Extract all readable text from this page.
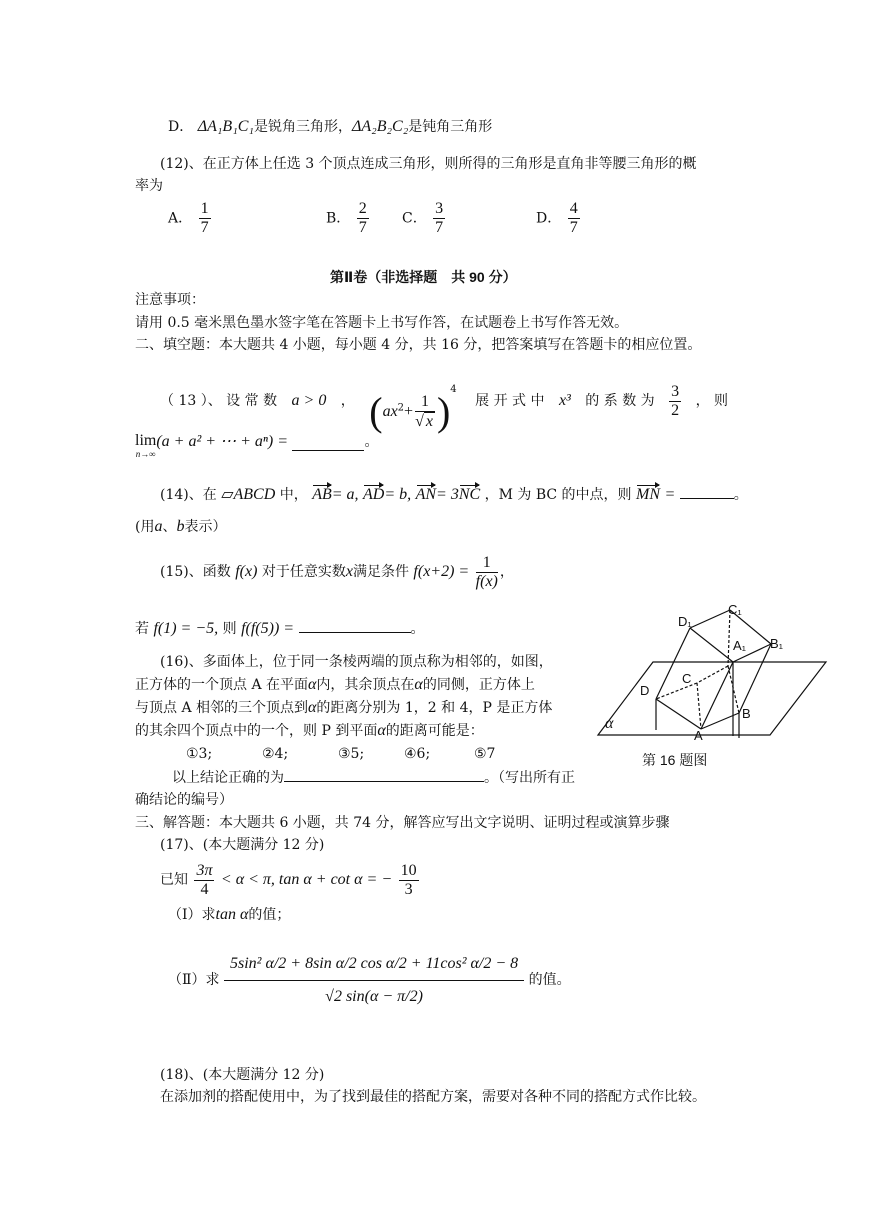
D． ΔA₁B₁C₁是锐角三角形，ΔA₂B₂C₂是钝角三角形
(12)、在正方体上任选 3 个顶点连成三角形，则所得的三角形是直角非等腰三角形的概
率为
A． $\frac{1}{7}$	B． $\frac{2}{7}$ C． $\frac{3}{7}$	D． $\frac{4}{7}$
第Ⅱ卷（非选择题　共 90 分）
注意事项：
请用 0.5 毫米黑色墨水签字笔在答题卡上书写作答，在试题卷上书写作答无效。
二、填空题：本大题共 4 小题，每小题 4 分，共 16 分，把答案填写在答题卡的相应位置。
（ 13 ）、 设 常 数 a > 0 ， $(ax^2+ \frac{1}{√ x} )^4$ 展 开 式 中 x³ 的 系 数 为 $\frac{3}{2}$ ， 则
lim
n→∞
(a + a² + ⋯ + aⁿ) =	。
(14)、在 ▱ABCD 中， AB= a, AD= b, AN= 3NC ，M 为 BC 的中点，则 MN =	。
(用a、b表示）
(15)、函数 f(x) 对于任意实数x满足条件 $f(x+2) = \frac{1}{f(x)}$ ，
若 f(1) = −5, 则 f(f(5)) =	。
(16)、多面体上，位于同一条棱两端的顶点称为相邻的，如图，
正方体的一个顶点 A 在平面α内，其余顶点在α的同侧，正方体上
与顶点 A 相邻的三个顶点到α的距离分别为 1，2 和 4，P 是正方体
的其余四个顶点中的一个，则 P 到平面α的距离可能是：
①3;	②4;	③5;	④6;	⑤7
以上结论正确的为	。（写出所有正
确结论的编号）
D₁
C₁
A₁ B₁
D
C
B
A
α
第 16 题图
三、解答题：本大题共 6 小题，共 74 分，解答应写出文字说明、证明过程或演算步骤
(17)、(本大题满分 12 分)
已知 $\frac{3\pi}{4} < \alpha < \pi$, tan α + cot α = − $\frac{10}{3}$
（Ⅰ）求tan α的值；
（Ⅱ）求 $\frac{\text{5sin² α/2 + 8sin α/2 cos α/2 + 11cos² α/2 − 8}}{√2 \sin(\alpha - \pi/2)}$ 的值。
(18)、(本大题满分 12 分)
在添加剂的搭配使用中，为了找到最佳的搭配方案，需要对各种不同的搭配方式作比较。
